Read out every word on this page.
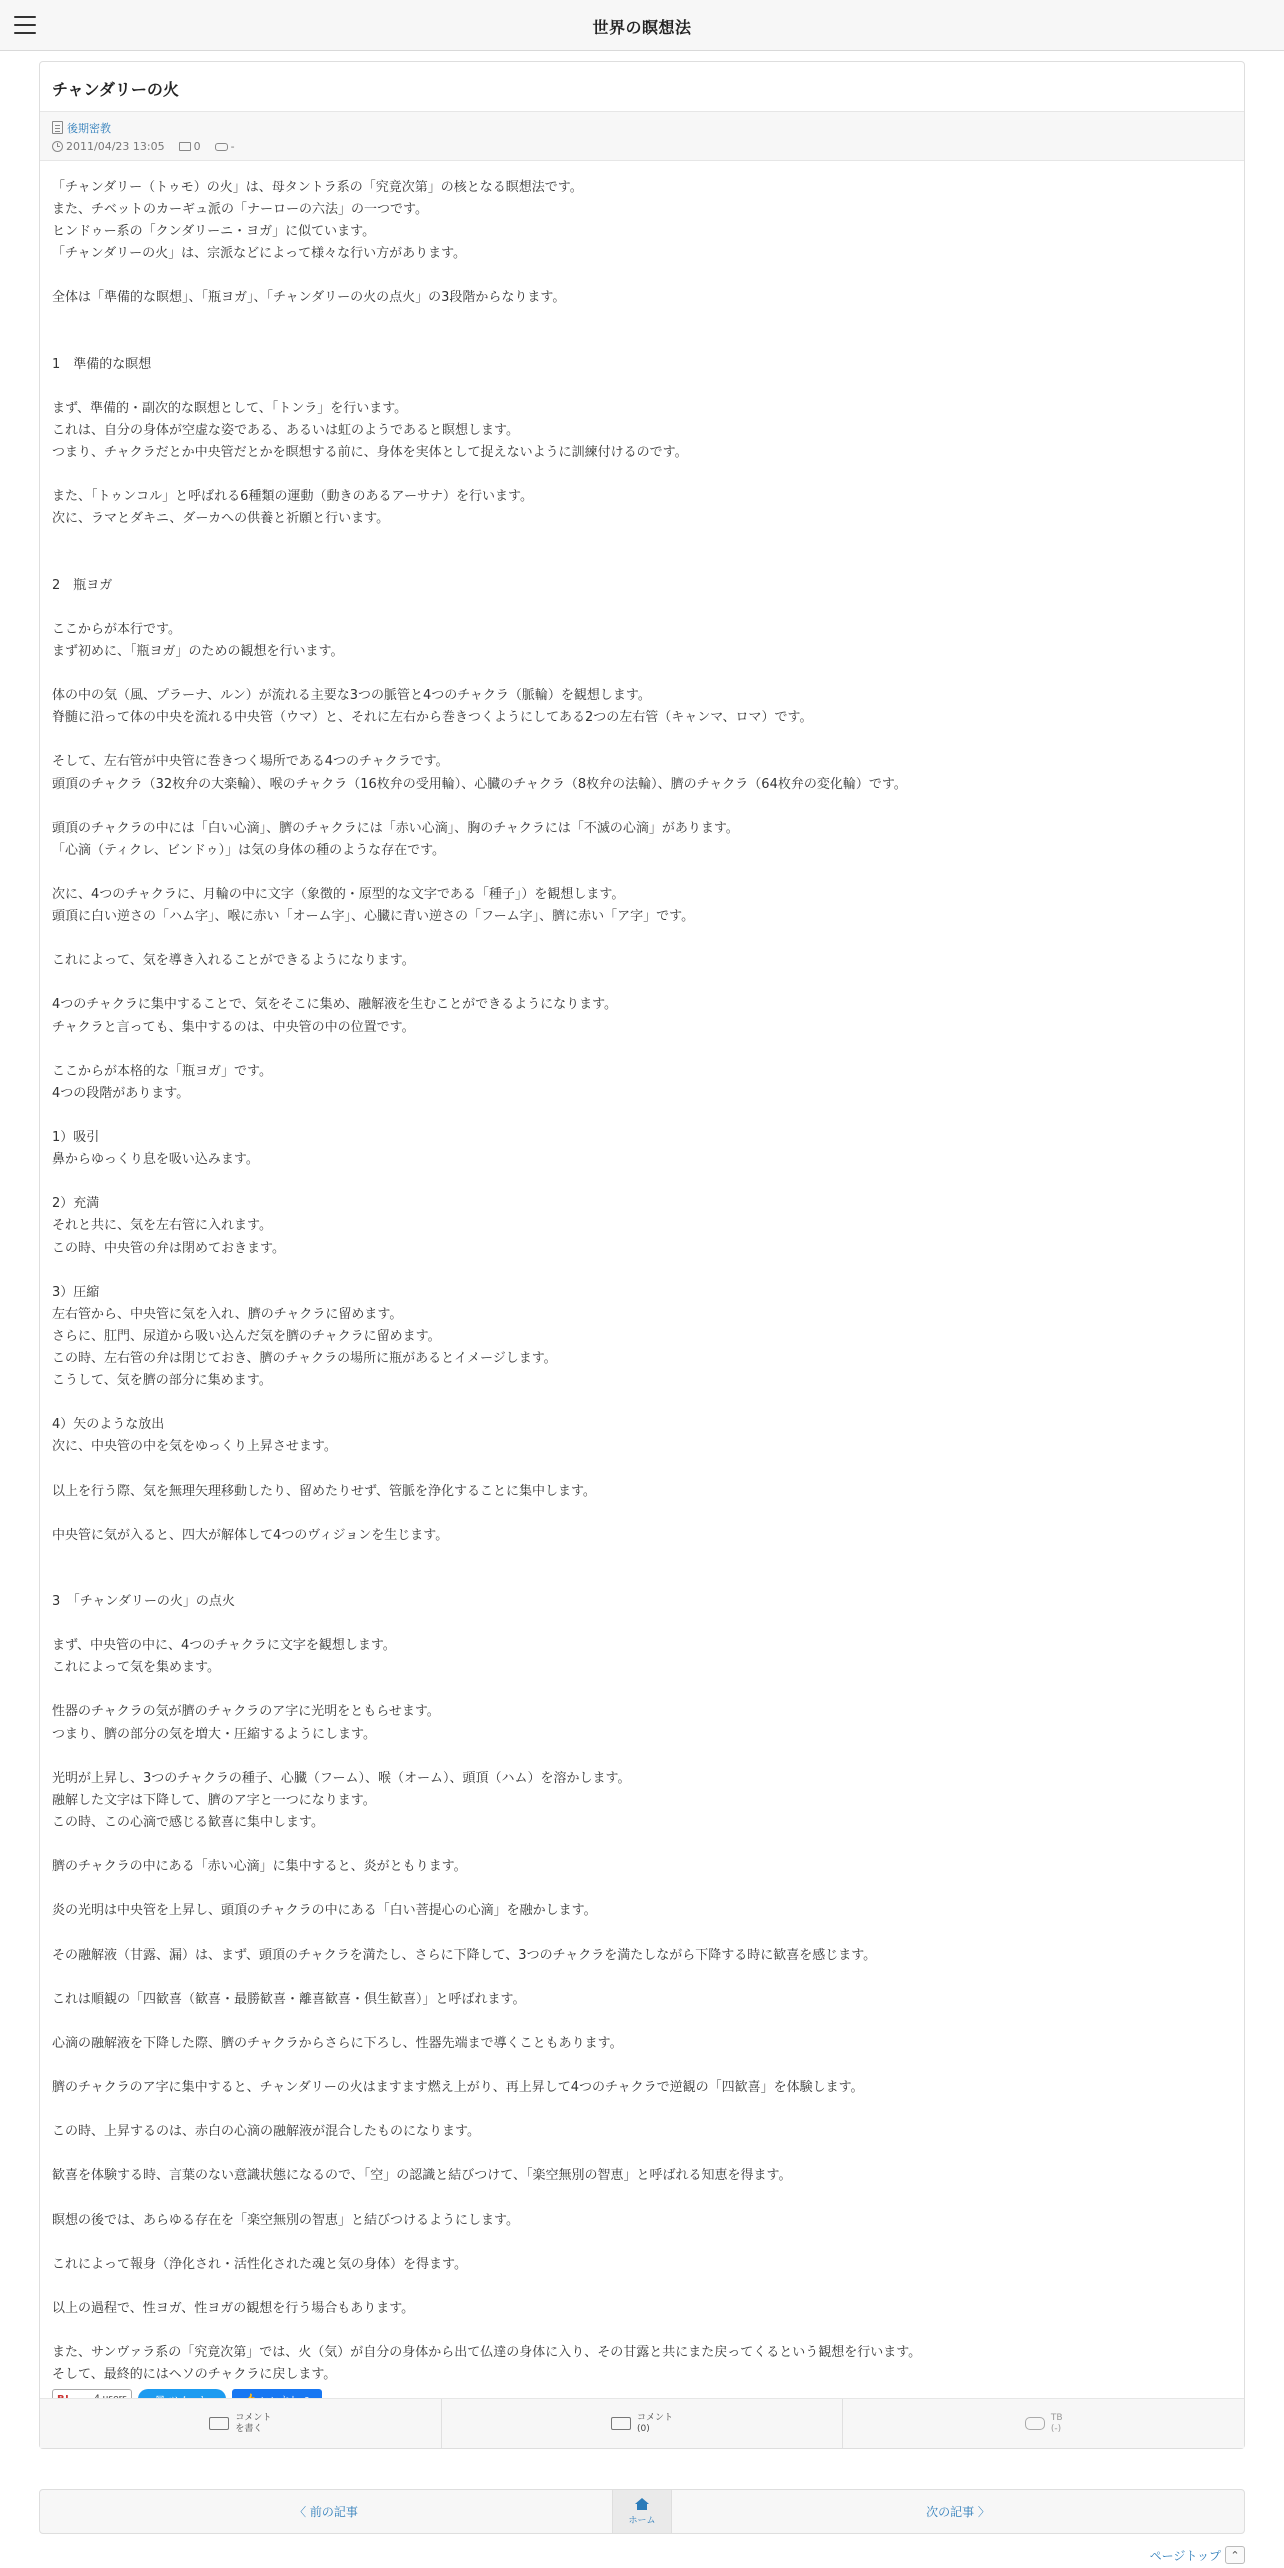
世界の瞑想法
チャンダリーの火
後期密教
2011/04/23 13:05	0	-
「チャンダリー（トゥモ）の火」は、母タントラ系の「究竟次第」の核となる瞑想法です。
また、チベットのカーギュ派の「ナーローの六法」の一つです。
ヒンドゥー系の「クンダリーニ・ヨガ」に似ています。
「チャンダリーの火」は、宗派などによって様々な行い方があります。
全体は「準備的な瞑想」、「瓶ヨガ」、「チャンダリーの火の点火」の3段階からなります。
1　準備的な瞑想
まず、準備的・副次的な瞑想として、「トンラ」を行います。
これは、自分の身体が空虚な姿である、あるいは虹のようであると瞑想します。
つまり、チャクラだとか中央管だとかを瞑想する前に、身体を実体として捉えないように訓練付けるのです。
また、「トゥンコル」と呼ばれる6種類の運動（動きのあるアーサナ）を行います。
次に、ラマとダキニ、ダーカへの供養と祈願と行います。
2　瓶ヨガ
ここからが本行です。
まず初めに、「瓶ヨガ」のための観想を行います。
体の中の気（風、プラーナ、ルン）が流れる主要な3つの脈管と4つのチャクラ（脈輪）を観想します。
脊髄に沿って体の中央を流れる中央管（ウマ）と、それに左右から巻きつくようにしてある2つの左右管（キャンマ、ロマ）です。
そして、左右管が中央管に巻きつく場所である4つのチャクラです。
頭頂のチャクラ（32枚弁の大楽輪）、喉のチャクラ（16枚弁の受用輪）、心臓のチャクラ（8枚弁の法輪）、臍のチャクラ（64枚弁の変化輪）です。
頭頂のチャクラの中には「白い心滴」、臍のチャクラには「赤い心滴」、胸のチャクラには「不滅の心滴」があります。
「心滴（ティクレ、ビンドゥ）」は気の身体の種のような存在です。
次に、4つのチャクラに、月輪の中に文字（象徴的・原型的な文字である「種子」）を観想します。
頭頂に白い逆さの「ハム字」、喉に赤い「オーム字」、心臓に青い逆さの「フーム字」、臍に赤い「ア字」です。
これによって、気を導き入れることができるようになります。
4つのチャクラに集中することで、気をそこに集め、融解液を生むことができるようになります。
チャクラと言っても、集中するのは、中央管の中の位置です。
ここからが本格的な「瓶ヨガ」です。
4つの段階があります。
1）吸引
鼻からゆっくり息を吸い込みます。
2）充満
それと共に、気を左右管に入れます。
この時、中央管の弁は閉めておきます。
3）圧縮
左右管から、中央管に気を入れ、臍のチャクラに留めます。
さらに、肛門、尿道から吸い込んだ気を臍のチャクラに留めます。
この時、左右管の弁は閉じておき、臍のチャクラの場所に瓶があるとイメージします。
こうして、気を臍の部分に集めます。
4）矢のような放出
次に、中央管の中を気をゆっくり上昇させます。
以上を行う際、気を無理矢理移動したり、留めたりせず、管脈を浄化することに集中します。
中央管に気が入ると、四大が解体して4つのヴィジョンを生じます。
3　「チャンダリーの火」の点火
まず、中央管の中に、4つのチャクラに文字を観想します。
これによって気を集めます。
性器のチャクラの気が臍のチャクラのア字に光明をともらせます。
つまり、臍の部分の気を増大・圧縮するようにします。
光明が上昇し、3つのチャクラの種子、心臓（フーム）、喉（オーム）、頭頂（ハム）を溶かします。
融解した文字は下降して、臍のア字と一つになります。
この時、この心滴で感じる歓喜に集中します。
臍のチャクラの中にある「赤い心滴」に集中すると、炎がともります。
炎の光明は中央管を上昇し、頭頂のチャクラの中にある「白い菩提心の心滴」を融かします。
その融解液（甘露、漏）は、まず、頭頂のチャクラを満たし、さらに下降して、3つのチャクラを満たしながら下降する時に歓喜を感じます。
これは順観の「四歓喜（歓喜・最勝歓喜・離喜歓喜・倶生歓喜）」と呼ばれます。
心滴の融解液を下降した際、臍のチャクラからさらに下ろし、性器先端まで導くこともあります。
臍のチャクラのア字に集中すると、チャンダリーの火はますます燃え上がり、再上昇して4つのチャクラで逆観の「四歓喜」を体験します。
この時、上昇するのは、赤白の心滴の融解液が混合したものになります。
歓喜を体験する時、言葉のない意識状態になるので、「空」の認識と結びつけて、「楽空無別の智恵」と呼ばれる知恵を得ます。
瞑想の後では、あらゆる存在を「楽空無別の智恵」と結びつけるようにします。
これによって報身（浄化され・活性化された魂と気の身体）を得ます。
以上の過程で、性ヨガ、性ヨガの観想を行う場合もあります。
また、サンヴァラ系の「究竟次第」では、火（気）が自分の身体から出て仏達の身体に入り、その甘露と共にまた戻ってくるという観想を行います。
そして、最終的にはヘソのチャクラに戻します。
コメント
を書く
コメント
(0)
TB
(-)
〈 前の記事
ホーム
次の記事 〉
ページトップ ⌃
